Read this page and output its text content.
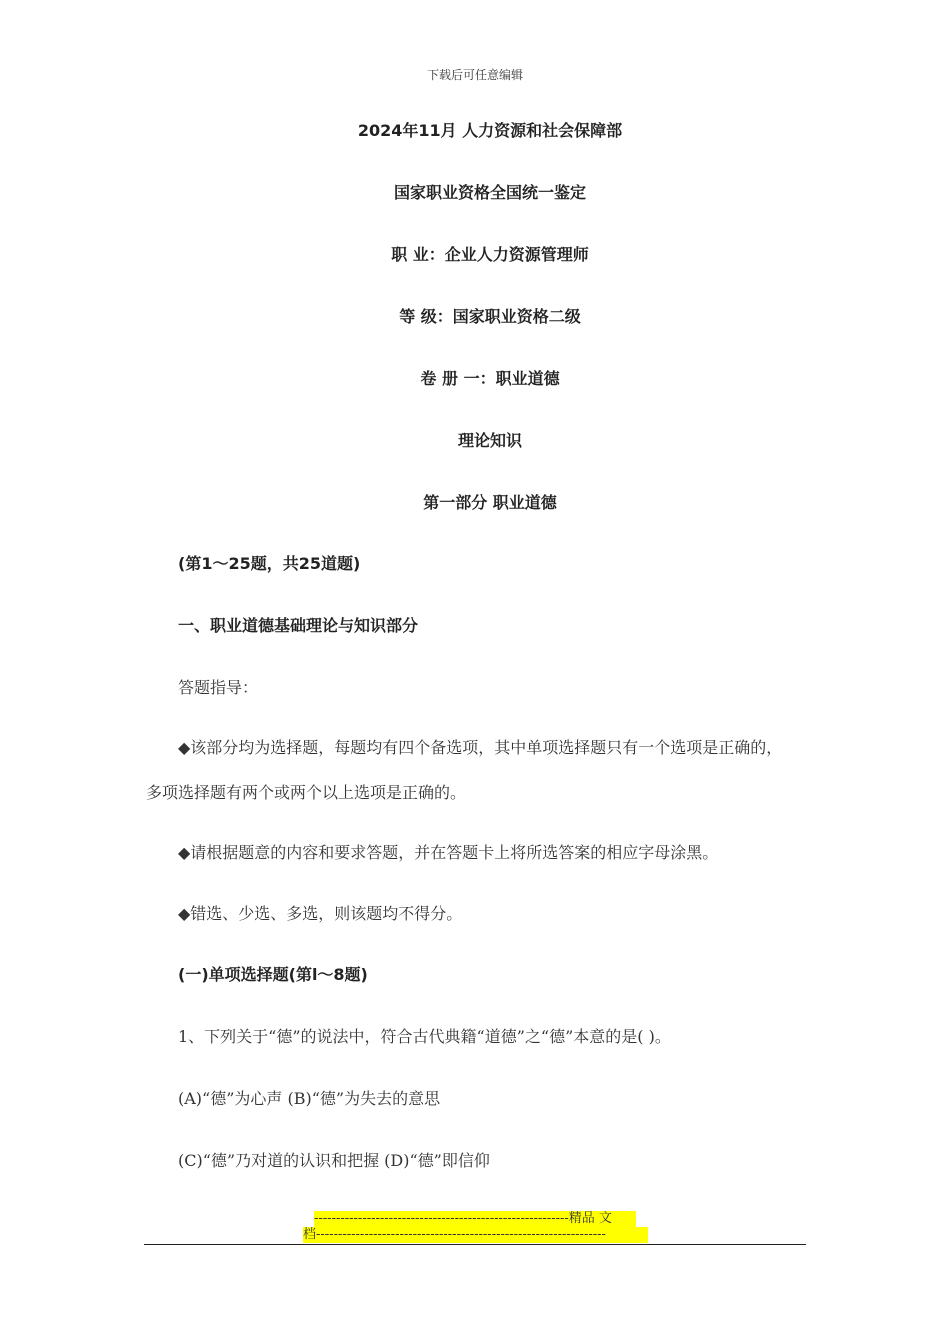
下载后可任意编辑
2024年11月 人力资源和社会保障部
国家职业资格全国统一鉴定
职 业：企业人力资源管理师
等 级：国家职业资格二级
卷 册 一：职业道德
理论知识
第一部分 职业道德
(第1～25题，共25道题)
一、职业道德基础理论与知识部分
答题指导：
◆该部分均为选择题，每题均有四个备选项，其中单项选择题只有一个选项是正确的，
多项选择题有两个或两个以上选项是正确的。
◆请根据题意的内容和要求答题，并在答题卡上将所选答案的相应字母涂黑。
◆错选、少选、多选，则该题均不得分。
(一)单项选择题(第l～8题)
1、下列关于“德”的说法中，符合古代典籍“道德”之“德”本意的是( )。
(A)“德”为心声 (B)“德”为失去的意思
(C)“德”乃对道的认识和把握 (D)“德”即信仰
----------------------------------------------------------精品 文
档------------------------------------------------------------------
